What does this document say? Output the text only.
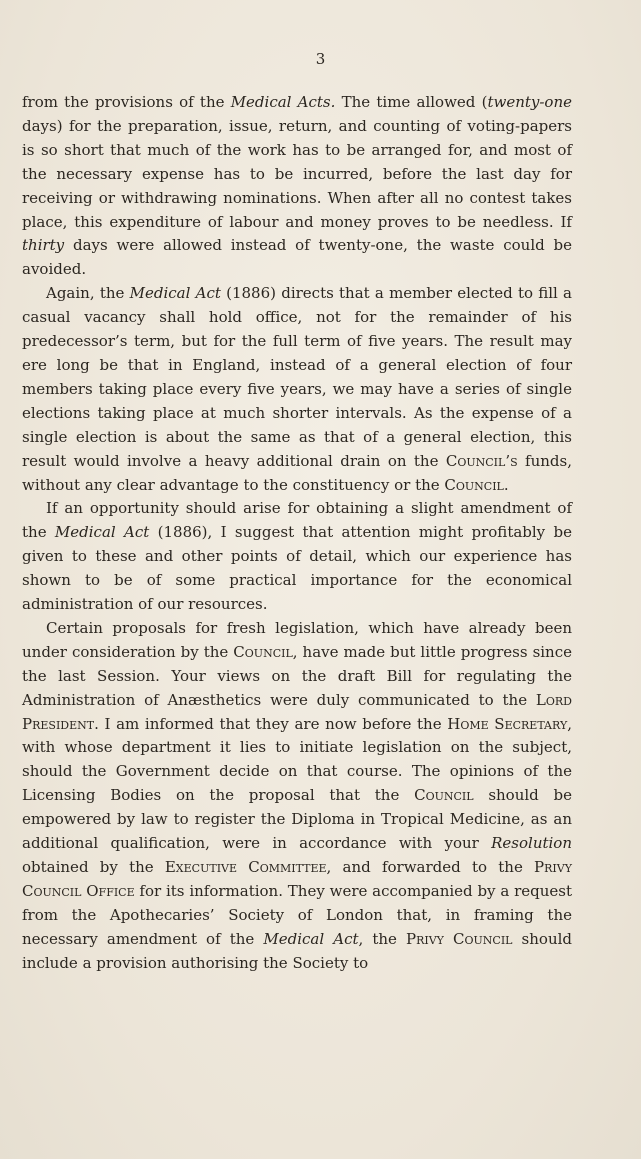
3

from the provisions of the Medical Acts. The time allowed (twenty-one days) for the preparation, issue, return, and counting of voting-papers is so short that much of the work has to be arranged for, and most of the necessary expense has to be incurred, before the last day for receiving or withdrawing nominations. When after all no contest takes place, this expenditure of labour and money proves to be needless. If thirty days were allowed instead of twenty-one, the waste could be avoided.

Again, the Medical Act (1886) directs that a member elected to fill a casual vacancy shall hold office, not for the remainder of his predecessor’s term, but for the full term of five years. The result may ere long be that in England, instead of a general election of four members taking place every five years, we may have a series of single elections taking place at much shorter intervals. As the expense of a single election is about the same as that of a general election, this result would involve a heavy additional drain on the Council’s funds, without any clear advantage to the constituency or the Council.

If an opportunity should arise for obtaining a slight amendment of the Medical Act (1886), I suggest that attention might profitably be given to these and other points of detail, which our experience has shown to be of some practical importance for the economical administration of our resources.

Certain proposals for fresh legislation, which have already been under consideration by the Council, have made but little progress since the last Session. Your views on the draft Bill for regulating the Administration of Anæsthetics were duly communicated to the Lord President. I am informed that they are now before the Home Secretary, with whose department it lies to initiate legislation on the subject, should the Government decide on that course. The opinions of the Licensing Bodies on the proposal that the Council should be empowered by law to register the Diploma in Tropical Medicine, as an additional qualification, were in accordance with your Resolution obtained by the Executive Committee, and forwarded to the Privy Council Office for its information. They were accompanied by a request from the Apothecaries’ Society of London that, in framing the necessary amendment of the Medical Act, the Privy Council should include a provision authorising the Society to
